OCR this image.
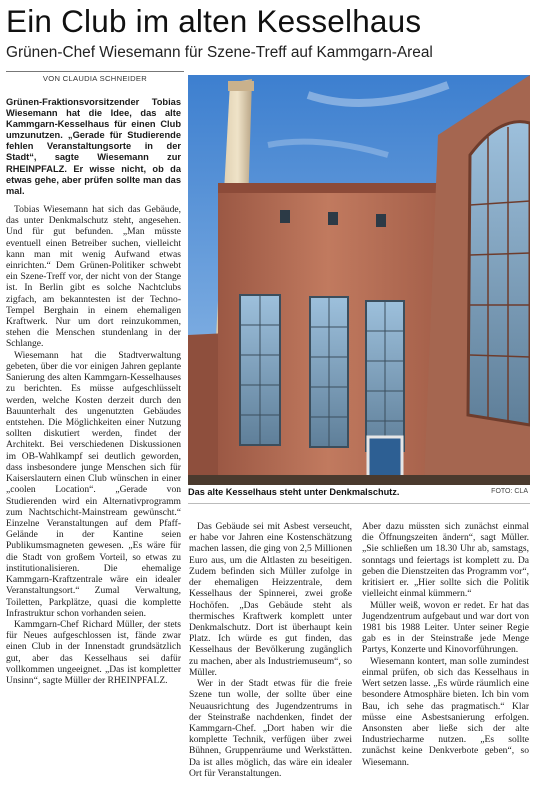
Ein Club im alten Kesselhaus
Grünen-Chef Wiesemann für Szene-Treff auf Kammgarn-Areal
VON CLAUDIA SCHNEIDER
Grünen-Fraktionsvorsitzender Tobias Wiesemann hat die Idee, das alte Kammgarn-Kesselhaus für einen Club umzunutzen. „Gerade für Studierende fehlen Veranstaltungsorte in der Stadt“, sagte Wiesemann zur RHEINPFALZ. Er wisse nicht, ob da etwas gehe, aber prüfen sollte man das mal.

Tobias Wiesemann hat sich das Gebäude, das unter Denkmalschutz steht, angesehen. Und für gut befunden. „Man müsste eventuell einen Betreiber suchen, vielleicht kann man mit wenig Aufwand etwas einrichten.“ Dem Grünen-Politiker schwebt ein Szene-Treff vor, der nicht von der Stange ist. In Berlin gibt es solche Nachtclubs zigfach, am bekanntesten ist der Techno-Tempel Berghain in einem ehemaligen Kraftwerk. Nur um dort reinzukommen, stehen die Menschen stundenlang in der Schlange.

Wiesemann hat die Stadtverwaltung gebeten, über die vor einigen Jahren geplante Sanierung des alten Kammgarn-Kesselhauses zu berichten. Es müsse aufgeschlüsselt werden, welche Kosten derzeit durch den Bauunterhalt des ungenutzten Gebäudes entstehen. Die Möglichkeiten einer Nutzung sollten diskutiert werden, findet der Architekt. Bei verschiedenen Diskussionen im OB-Wahlkampf sei deutlich geworden, dass insbesondere junge Menschen sich für Kaiserslautern einen Club wünschen in einer „coolen Location“. „Gerade von Studierenden wird ein Alternativprogramm zum Nachtschicht-Mainstream gewünscht.“ Einzelne Veranstaltungen auf dem Pfaff-Gelände in der Kantine seien Publikumsmagneten gewesen. „Es wäre für die Stadt von großem Vorteil, so etwas zu institutionalisieren. Die ehemalige Kammgarn-Kraftzentrale wäre ein idealer Veranstaltungsort.“ Zumal Verwaltung, Toiletten, Parkplätze, quasi die komplette Infrastruktur schon vorhanden seien.

Kammgarn-Chef Richard Müller, der stets für Neues aufgeschlossen ist, fände zwar einen Club in der Innenstadt grundsätzlich gut, aber das Kesselhaus sei dafür vollkommen ungeeignet. „Das ist kompletter Unsinn“, sagte Müller der RHEINPFALZ.

Das alte Kesselhaus steht unter Denkmalschutz.	FOTO: CLA

Das Gebäude sei mit Asbest verseucht, er habe vor Jahren eine Kostenschätzung machen lassen, die ging von 2,5 Millionen Euro aus, um die Altlasten zu beseitigen. Zudem befinden sich Müller zufolge in der ehemaligen Heizzentrale, dem Kesselhaus der Spinnerei, zwei große Hochöfen. „Das Gebäude steht als thermisches Kraftwerk komplett unter Denkmalschutz. Dort ist überhaupt kein Platz. Ich würde es gut finden, das Kesselhaus der Bevölkerung zugänglich zu machen, aber als Industriemuseum“, so Müller.

Wer in der Stadt etwas für die freie Szene tun wolle, der sollte über eine Neuausrichtung des Jugendzentrums in der Steinstraße nachdenken, findet der Kammgarn-Chef. „Dort haben wir die komplette Technik, verfügen über zwei Bühnen, Gruppenräume und Werkstätten. Da ist alles möglich, das wäre ein idealer Ort für Veranstaltungen.

Aber dazu müssten sich zunächst einmal die Öffnungszeiten ändern“, sagt Müller. „Sie schließen um 18.30 Uhr ab, samstags, sonntags und feiertags ist komplett zu. Da geben die Dienstzeiten das Programm vor“, kritisiert er. „Hier sollte sich die Politik vielleicht einmal kümmern.“

Müller weiß, wovon er redet. Er hat das Jugendzentrum aufgebaut und war dort von 1981 bis 1988 Leiter. Unter seiner Regie gab es in der Steinstraße jede Menge Partys, Konzerte und Kinovorführungen.

Wiesemann kontert, man solle zumindest einmal prüfen, ob sich das Kesselhaus in Wert setzen lasse. „Es würde räumlich eine besondere Atmosphäre bieten. Ich bin vom Bau, ich sehe das pragmatisch.“ Klar müsse eine Asbestsanierung erfolgen. Ansonsten aber ließe sich der alte Industriecharme nutzen. „Es sollte zunächst keine Denkverbote geben“, so Wiesemann.
